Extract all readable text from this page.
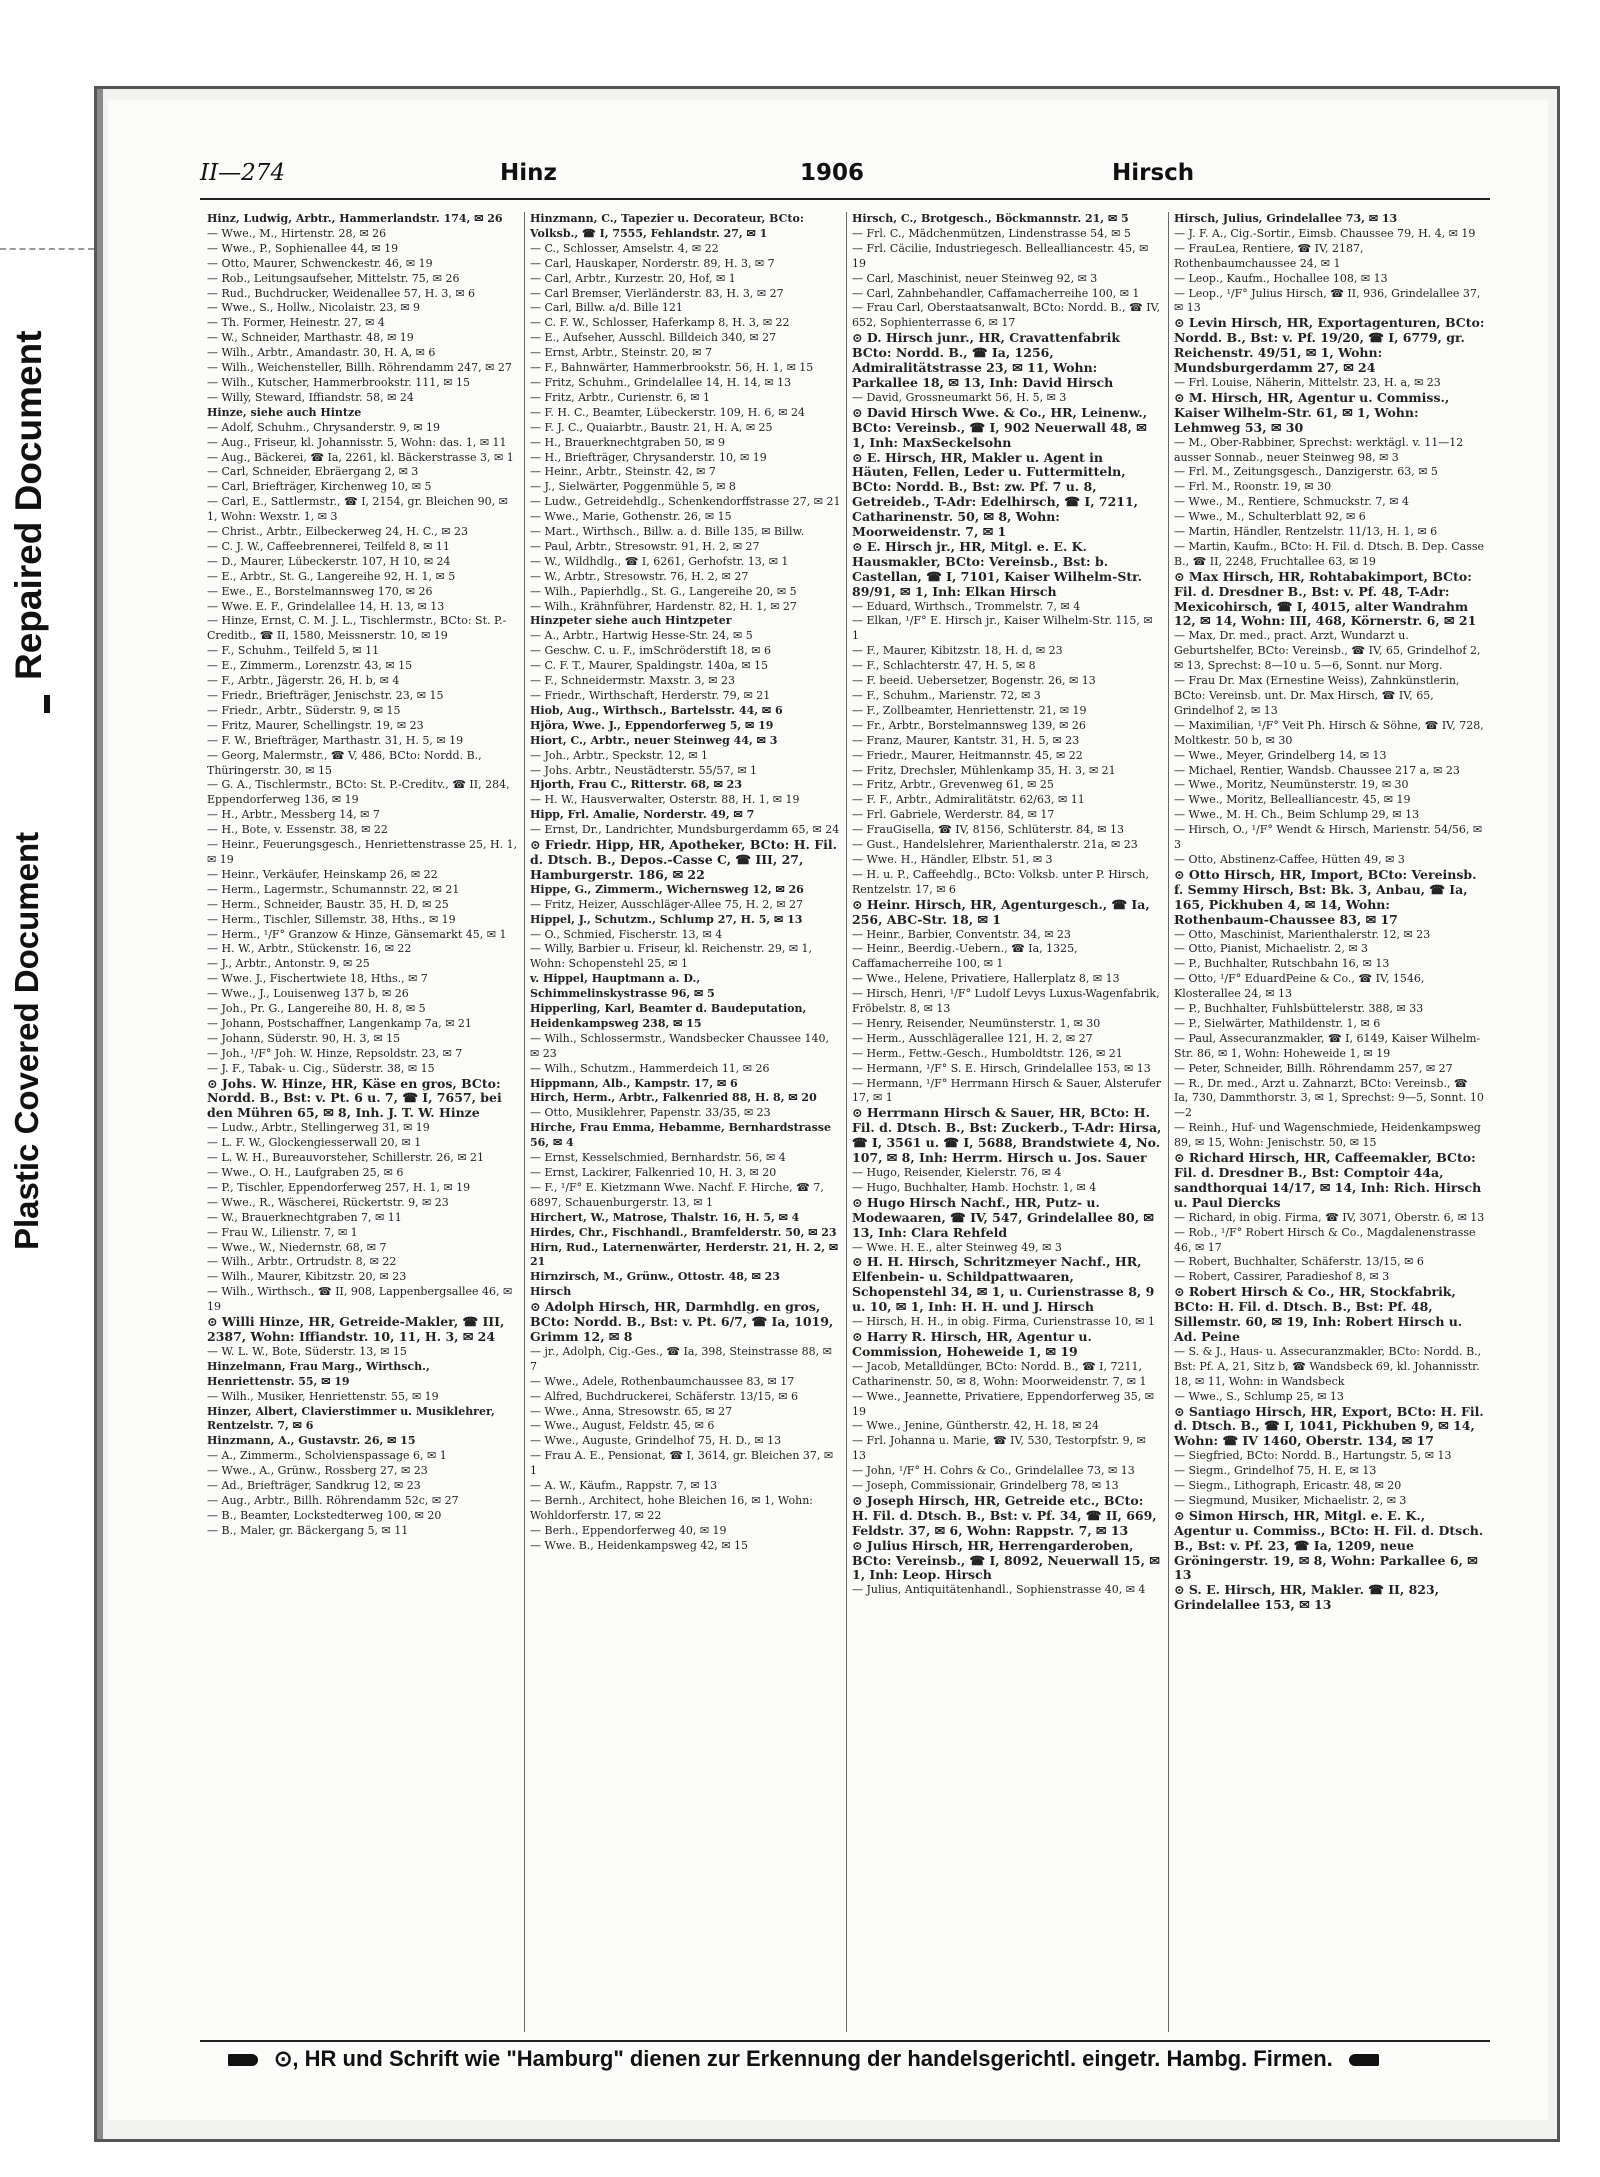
Repaired Document
Plastic Covered Document
II—274	Hinz	1906	Hirsch

Hinz, Ludwig, Arbtr., Hammerlandstr. 174, ✉ 26

— Wwe., M., Hirtenstr. 28, ✉ 26

— Wwe., P., Sophienallee 44, ✉ 19

— Otto, Maurer, Schwenckestr. 46, ✉ 19

— Rob., Leitungsaufseher, Mittelstr. 75, ✉ 26

— Rud., Buchdrucker, Weidenallee 57, H. 3, ✉ 6

— Wwe., S., Hollw., Nicolaistr. 23, ✉ 9

— Th. Former, Heinestr. 27, ✉ 4

— W., Schneider, Marthastr. 48, ✉ 19

— Wilh., Arbtr., Amandastr. 30, H. A, ✉ 6

— Wilh., Weichensteller, Billh. Röhrendamm 247, ✉ 27

— Wilh., Kutscher, Hammerbrookstr. 111, ✉ 15

— Willy, Steward, Iffiandstr. 58, ✉ 24

Hinze, siehe auch Hintze

— Adolf, Schuhm., Chrysanderstr. 9, ✉ 19

— Aug., Friseur, kl. Johannisstr. 5, Wohn: das. 1, ✉ 11

— Aug., Bäckerei, ☎ Ia, 2261, kl. Bäckerstrasse 3, ✉ 1

— Carl, Schneider, Ebräergang 2, ✉ 3

— Carl, Briefträger, Kirchenweg 10, ✉ 5

— Carl, E., Sattlermstr., ☎ I, 2154, gr. Bleichen 90, ✉ 1, Wohn: Wexstr. 1, ✉ 3

— Christ., Arbtr., Eilbeckerweg 24, H. C., ✉ 23

— C. J. W., Caffeebrennerei, Teilfeld 8, ✉ 11

— D., Maurer, Lübeckerstr. 107, H 10, ✉ 24

— E., Arbtr., St. G., Langereihe 92, H. 1, ✉ 5

— Ewe., E., Borstelmannsweg 170, ✉ 26

— Wwe. E. F., Grindelallee 14, H. 13, ✉ 13

— Hinze, Ernst, C. M. J. L., Tischlermstr., BCto: St. P.-Creditb., ☎ II, 1580, Meissnerstr. 10, ✉ 19

— F., Schuhm., Teilfeld 5, ✉ 11

— E., Zimmerm., Lorenzstr. 43, ✉ 15

— F., Arbtr., Jägerstr. 26, H. b, ✉ 4

— Friedr., Briefträger, Jenischstr. 23, ✉ 15

— Friedr., Arbtr., Süderstr. 9, ✉ 15

— Fritz, Maurer, Schellingstr. 19, ✉ 23

— F. W., Briefträger, Marthastr. 31, H. 5, ✉ 19

— Georg, Malermstr., ☎ V, 486, BCto: Nordd. B., Thüringerstr. 30, ✉ 15

— G. A., Tischlermstr., BCto: St. P.-Creditv., ☎ II, 284, Eppendorferweg 136, ✉ 19

— H., Arbtr., Messberg 14, ✉ 7

— H., Bote, v. Essenstr. 38, ✉ 22

— Heinr., Feuerungsgesch., Henriettenstrasse 25, H. 1, ✉ 19

— Heinr., Verkäufer, Heinskamp 26, ✉ 22

— Herm., Lagermstr., Schumannstr. 22, ✉ 21

— Herm., Schneider, Baustr. 35, H. D, ✉ 25

— Herm., Tischler, Sillemstr. 38, Hths., ✉ 19

— Herm., ¹/F° Granzow & Hinze, Gänsemarkt 45, ✉ 1

— H. W., Arbtr., Stückenstr. 16, ✉ 22

— J., Arbtr., Antonstr. 9, ✉ 25

— Wwe. J., Fischertwiete 18, Hths., ✉ 7

— Wwe., J., Louisenweg 137 b, ✉ 26

— Joh., Pr. G., Langereihe 80, H. 8, ✉ 5

— Johann, Postschaffner, Langenkamp 7a, ✉ 21

— Johann, Süderstr. 90, H. 3, ✉ 15

— Joh., ¹/F° Joh. W. Hinze, Repsoldstr. 23, ✉ 7

— J. F., Tabak- u. Cig., Süderstr. 38, ✉ 15

⊙ Johs. W. Hinze, HR, Käse en gros, BCto: Nordd. B., Bst: v. Pt. 6 u. 7, ☎ I, 7657, bei den Mühren 65, ✉ 8, Inh. J. T. W. Hinze

— Ludw., Arbtr., Stellingerweg 31, ✉ 19

— L. F. W., Glockengiesserwall 20, ✉ 1

— L. W. H., Bureauvorsteher, Schillerstr. 26, ✉ 21

— Wwe., O. H., Laufgraben 25, ✉ 6

— P., Tischler, Eppendorferweg 257, H. 1, ✉ 19

— Wwe., R., Wäscherei, Rückertstr. 9, ✉ 23

— W., Brauerknechtgraben 7, ✉ 11

— Frau W., Lilienstr. 7, ✉ 1

— Wwe., W., Niedernstr. 68, ✉ 7

— Wilh., Arbtr., Ortrudstr. 8, ✉ 22

— Wilh., Maurer, Kibitzstr. 20, ✉ 23

— Wilh., Wirthsch., ☎ II, 908, Lappenbergsallee 46, ✉ 19

⊙ Willi Hinze, HR, Getreide-Makler, ☎ III, 2387, Wohn: Iffiandstr. 10, 11, H. 3, ✉ 24

— W. L. W., Bote, Süderstr. 13, ✉ 15

Hinzelmann, Frau Marg., Wirthsch., Henriettenstr. 55, ✉ 19

— Wilh., Musiker, Henriettenstr. 55, ✉ 19

Hinzer, Albert, Clavierstimmer u. Musiklehrer, Rentzelstr. 7, ✉ 6

Hinzmann, A., Gustavstr. 26, ✉ 15

— A., Zimmerm., Scholvienspassage 6, ✉ 1

— Wwe., A., Grünw., Rossberg 27, ✉ 23

— Ad., Briefträger, Sandkrug 12, ✉ 23

— Aug., Arbtr., Billh. Röhrendamm 52c, ✉ 27

— B., Beamter, Lockstedterweg 100, ✉ 20

— B., Maler, gr. Bäckergang 5, ✉ 11

Hinzmann, C., Tapezier u. Decorateur, BCto: Volksb., ☎ I, 7555, Fehlandstr. 27, ✉ 1

— C., Schlosser, Amselstr. 4, ✉ 22

— Carl, Hauskaper, Norderstr. 89, H. 3, ✉ 7

— Carl, Arbtr., Kurzestr. 20, Hof, ✉ 1

— Carl Bremser, Vierländerstr. 83, H. 3, ✉ 27

— Carl, Billw. a/d. Bille 121

— C. F. W., Schlosser, Haferkamp 8, H. 3, ✉ 22

— E., Aufseher, Ausschl. Billdeich 340, ✉ 27

— Ernst, Arbtr., Steinstr. 20, ✉ 7

— F., Bahnwärter, Hammerbrookstr. 56, H. 1, ✉ 15

— Fritz, Schuhm., Grindelallee 14, H. 14, ✉ 13

— Fritz, Arbtr., Curienstr. 6, ✉ 1

— F. H. C., Beamter, Lübeckerstr. 109, H. 6, ✉ 24

— F. J. C., Quaiarbtr., Baustr. 21, H. A, ✉ 25

— H., Brauerknechtgraben 50, ✉ 9

— H., Briefträger, Chrysanderstr. 10, ✉ 19

— Heinr., Arbtr., Steinstr. 42, ✉ 7

— J., Sielwärter, Poggenmühle 5, ✉ 8

— Ludw., Getreidehdlg., Schenkendorffstrasse 27, ✉ 21

— Wwe., Marie, Gothenstr. 26, ✉ 15

— Mart., Wirthsch., Billw. a. d. Bille 135, ✉ Billw.

— Paul, Arbtr., Stresowstr. 91, H. 2, ✉ 27

— W., Wildhdlg., ☎ I, 6261, Gerhofstr. 13, ✉ 1

— W., Arbtr., Stresowstr. 76, H. 2, ✉ 27

— Wilh., Papierhdlg., St. G., Langereihe 20, ✉ 5

— Wilh., Krähnführer, Hardenstr. 82, H. 1, ✉ 27

Hinzpeter siehe auch Hintzpeter

— A., Arbtr., Hartwig Hesse-Str. 24, ✉ 5

— Geschw. C. u. F., imSchröderstift 18, ✉ 6

— C. F. T., Maurer, Spaldingstr. 140a, ✉ 15

— F., Schneidermstr. Maxstr. 3, ✉ 23

— Friedr., Wirthschaft, Herderstr. 79, ✉ 21

Hiob, Aug., Wirthsch., Bartelsstr. 44, ✉ 6

Hjöra, Wwe. J., Eppendorferweg 5, ✉ 19

Hiort, C., Arbtr., neuer Steinweg 44, ✉ 3

— Joh., Arbtr., Speckstr. 12, ✉ 1

— Johs. Arbtr., Neustädterstr. 55/57, ✉ 1

Hjorth, Frau C., Ritterstr. 68, ✉ 23

— H. W., Hausverwalter, Osterstr. 88, H. 1, ✉ 19

Hipp, Frl. Amalie, Norderstr. 49, ✉ 7

— Ernst, Dr., Landrichter, Mundsburgerdamm 65, ✉ 24

⊙ Friedr. Hipp, HR, Apotheker, BCto: H. Fil. d. Dtsch. B., Depos.-Casse C, ☎ III, 27, Hamburgerstr. 186, ✉ 22

Hippe, G., Zimmerm., Wichernsweg 12, ✉ 26

— Fritz, Heizer, Ausschläger-Allee 75, H. 2, ✉ 27

Hippel, J., Schutzm., Schlump 27, H. 5, ✉ 13

— O., Schmied, Fischerstr. 13, ✉ 4

— Willy, Barbier u. Friseur, kl. Reichenstr. 29, ✉ 1, Wohn: Schopenstehl 25, ✉ 1

v. Hippel, Hauptmann a. D., Schimmelinskystrasse 96, ✉ 5

Hipperling, Karl, Beamter d. Baudeputation, Heidenkampsweg 238, ✉ 15

— Wilh., Schlossermstr., Wandsbecker Chaussee 140, ✉ 23

— Wilh., Schutzm., Hammerdeich 11, ✉ 26

Hippmann, Alb., Kampstr. 17, ✉ 6

Hirch, Herm., Arbtr., Falkenried 88, H. 8, ✉ 20

— Otto, Musiklehrer, Papenstr. 33/35, ✉ 23

Hirche, Frau Emma, Hebamme, Bernhardstrasse 56, ✉ 4

— Ernst, Kesselschmied, Bernhardstr. 56, ✉ 4

— Ernst, Lackirer, Falkenried 10, H. 3, ✉ 20

— F., ¹/F° E. Kietzmann Wwe. Nachf. F. Hirche, ☎ 7, 6897, Schauenburgerstr. 13, ✉ 1

Hirchert, W., Matrose, Thalstr. 16, H. 5, ✉ 4

Hirdes, Chr., Fischhandl., Bramfelderstr. 50, ✉ 23

Hirn, Rud., Laternenwärter, Herderstr. 21, H. 2, ✉ 21

Hirnzirsch, M., Grünw., Ottostr. 48, ✉ 23

Hirsch

⊙ Adolph Hirsch, HR, Darmhdlg. en gros, BCto: Nordd. B., Bst: v. Pt. 6/7, ☎ Ia, 1019, Grimm 12, ✉ 8

— jr., Adolph, Cig.-Ges., ☎ Ia, 398, Steinstrasse 88, ✉ 7

— Wwe., Adele, Rothenbaumchaussee 83, ✉ 17

— Alfred, Buchdruckerei, Schäferstr. 13/15, ✉ 6

— Wwe., Anna, Stresowstr. 65, ✉ 27

— Wwe., August, Feldstr. 45, ✉ 6

— Wwe., Auguste, Grindelhof 75, H. D., ✉ 13

— Frau A. E., Pensionat, ☎ I, 3614, gr. Bleichen 37, ✉ 1

— A. W., Käufm., Rappstr. 7, ✉ 13

— Bernh., Architect, hohe Bleichen 16, ✉ 1, Wohn: Wohldorferstr. 17, ✉ 22

— Berh., Eppendorferweg 40, ✉ 19

— Wwe. B., Heidenkampsweg 42, ✉ 15

Hirsch, C., Brotgesch., Böckmannstr. 21, ✉ 5

— Frl. C., Mädchenmützen, Lindenstrasse 54, ✉ 5

— Frl. Cäcilie, Industriegesch. Bellealliancestr. 45, ✉ 19

— Carl, Maschinist, neuer Steinweg 92, ✉ 3

— Carl, Zahnbehandler, Caffamacherreihe 100, ✉ 1

— Frau Carl, Oberstaatsanwalt, BCto: Nordd. B., ☎ IV, 652, Sophienterrasse 6, ✉ 17

⊙ D. Hirsch junr., HR, Cravattenfabrik BCto: Nordd. B., ☎ Ia, 1256, Admiralitätstrasse 23, ✉ 11, Wohn: Parkallee 18, ✉ 13, Inh: David Hirsch

— David, Grossneumarkt 56, H. 5, ✉ 3

⊙ David Hirsch Wwe. & Co., HR, Leinenw., BCto: Vereinsb., ☎ I, 902 Neuerwall 48, ✉ 1, Inh: MaxSeckelsohn

⊙ E. Hirsch, HR, Makler u. Agent in Häuten, Fellen, Leder u. Futtermitteln, BCto: Nordd. B., Bst: zw. Pf. 7 u. 8, Getreideb., T-Adr: Edelhirsch, ☎ I, 7211, Catharinenstr. 50, ✉ 8, Wohn: Moorweidenstr. 7, ✉ 1

⊙ E. Hirsch jr., HR, Mitgl. e. E. K. Hausmakler, BCto: Vereinsb., Bst: b. Castellan, ☎ I, 7101, Kaiser Wilhelm-Str. 89/91, ✉ 1, Inh: Elkan Hirsch

— Eduard, Wirthsch., Trommelstr. 7, ✉ 4

— Elkan, ¹/F° E. Hirsch jr., Kaiser Wilhelm-Str. 115, ✉ 1

— F., Maurer, Kibitzstr. 18, H. d, ✉ 23

— F., Schlachterstr. 47, H. 5, ✉ 8

— F. beeid. Uebersetzer, Bogenstr. 26, ✉ 13

— F., Schuhm., Marienstr. 72, ✉ 3

— F., Zollbeamter, Henriettenstr. 21, ✉ 19

— Fr., Arbtr., Borstelmannsweg 139, ✉ 26

— Franz, Maurer, Kantstr. 31, H. 5, ✉ 23

— Friedr., Maurer, Heitmannstr. 45, ✉ 22

— Fritz, Drechsler, Mühlenkamp 35, H. 3, ✉ 21

— Fritz, Arbtr., Grevenweg 61, ✉ 25

— F. F., Arbtr., Admiralitätstr. 62/63, ✉ 11

— Frl. Gabriele, Werderstr. 84, ✉ 17

— FrauGisella, ☎ IV, 8156, Schlüterstr. 84, ✉ 13

— Gust., Handelslehrer, Marienthalerstr. 21a, ✉ 23

— Wwe. H., Händler, Elbstr. 51, ✉ 3

— H. u. P., Caffeehdlg., BCto: Volksb. unter P. Hirsch, Rentzelstr. 17, ✉ 6

⊙ Heinr. Hirsch, HR, Agenturgesch., ☎ Ia, 256, ABC-Str. 18, ✉ 1

— Heinr., Barbier, Conventstr. 34, ✉ 23

— Heinr., Beerdig.-Uebern., ☎ Ia, 1325, Caffamacherreihe 100, ✉ 1

— Wwe., Helene, Privatiere, Hallerplatz 8, ✉ 13

— Hirsch, Henri, ¹/F° Ludolf Levys Luxus-Wagenfabrik, Fröbelstr. 8, ✉ 13

— Henry, Reisender, Neumünsterstr. 1, ✉ 30

— Herm., Ausschlägerallee 121, H. 2, ✉ 27

— Herm., Fettw.-Gesch., Humboldtstr. 126, ✉ 21

— Hermann, ¹/F° S. E. Hirsch, Grindelallee 153, ✉ 13

— Hermann, ¹/F° Herrmann Hirsch & Sauer, Alsterufer 17, ✉ 1

⊙ Herrmann Hirsch & Sauer, HR, BCto: H. Fil. d. Dtsch. B., Bst: Zuckerb., T-Adr: Hirsa, ☎ I, 3561 u. ☎ I, 5688, Brandstwiete 4, No. 107, ✉ 8, Inh: Herrm. Hirsch u. Jos. Sauer

— Hugo, Reisender, Kielerstr. 76, ✉ 4

— Hugo, Buchhalter, Hamb. Hochstr. 1, ✉ 4

⊙ Hugo Hirsch Nachf., HR, Putz- u. Modewaaren, ☎ IV, 547, Grindelallee 80, ✉ 13, Inh: Clara Rehfeld

— Wwe. H. E., alter Steinweg 49, ✉ 3

⊙ H. H. Hirsch, Schritzmeyer Nachf., HR, Elfenbein- u. Schildpattwaaren, Schopenstehl 34, ✉ 1, u. Curienstrasse 8, 9 u. 10, ✉ 1, Inh: H. H. und J. Hirsch

— Hirsch, H. H., in obig. Firma, Curienstrasse 10, ✉ 1

⊙ Harry R. Hirsch, HR, Agentur u. Commission, Hoheweide 1, ✉ 19

— Jacob, Metalldünger, BCto: Nordd. B., ☎ I, 7211, Catharinenstr. 50, ✉ 8, Wohn: Moorweidenstr. 7, ✉ 1

— Wwe., Jeannette, Privatiere, Eppendorferweg 35, ✉ 19

— Wwe., Jenine, Güntherstr. 42, H. 18, ✉ 24

— Frl. Johanna u. Marie, ☎ IV, 530, Testorpfstr. 9, ✉ 13

— John, ¹/F° H. Cohrs & Co., Grindelallee 73, ✉ 13

— Joseph, Commissionair, Grindelberg 78, ✉ 13

⊙ Joseph Hirsch, HR, Getreide etc., BCto: H. Fil. d. Dtsch. B., Bst: v. Pf. 34, ☎ II, 669, Feldstr. 37, ✉ 6, Wohn: Rappstr. 7, ✉ 13

⊙ Julius Hirsch, HR, Herrengarderoben, BCto: Vereinsb., ☎ I, 8092, Neuerwall 15, ✉ 1, Inh: Leop. Hirsch

— Julius, Antiquitätenhandl., Sophienstrasse 40, ✉ 4

Hirsch, Julius, Grindelallee 73, ✉ 13

— J. F. A., Cig.-Sortir., Eimsb. Chaussee 79, H. 4, ✉ 19

— FrauLea, Rentiere, ☎ IV, 2187, Rothenbaumchaussee 24, ✉ 1

— Leop., Kaufm., Hochallee 108, ✉ 13

— Leop., ¹/F° Julius Hirsch, ☎ II, 936, Grindelallee 37, ✉ 13

⊙ Levin Hirsch, HR, Exportagenturen, BCto: Nordd. B., Bst: v. Pf. 19/20, ☎ I, 6779, gr. Reichenstr. 49/51, ✉ 1, Wohn: Mundsburgerdamm 27, ✉ 24

— Frl. Louise, Näherin, Mittelstr. 23, H. a, ✉ 23

⊙ M. Hirsch, HR, Agentur u. Commiss., Kaiser Wilhelm-Str. 61, ✉ 1, Wohn: Lehmweg 53, ✉ 30

— M., Ober-Rabbiner, Sprechst: werktägl. v. 11—12 ausser Sonnab., neuer Steinweg 98, ✉ 3

— Frl. M., Zeitungsgesch., Danzigerstr. 63, ✉ 5

— Frl. M., Roonstr. 19, ✉ 30

— Wwe., M., Rentiere, Schmuckstr. 7, ✉ 4

— Wwe., M., Schulterblatt 92, ✉ 6

— Martin, Händler, Rentzelstr. 11/13, H. 1, ✉ 6

— Martin, Kaufm., BCto: H. Fil. d. Dtsch. B. Dep. Casse B., ☎ II, 2248, Fruchtallee 63, ✉ 19

⊙ Max Hirsch, HR, Rohtabakimport, BCto: Fil. d. Dresdner B., Bst: v. Pf. 48, T-Adr: Mexicohirsch, ☎ I, 4015, alter Wandrahm 12, ✉ 14, Wohn: III, 468, Körnerstr. 6, ✉ 21

— Max, Dr. med., pract. Arzt, Wundarzt u. Geburtshelfer, BCto: Vereinsb., ☎ IV, 65, Grindelhof 2, ✉ 13, Sprechst: 8—10 u. 5—6, Sonnt. nur Morg.

— Frau Dr. Max (Ernestine Weiss), Zahnkünstlerin, BCto: Vereinsb. unt. Dr. Max Hirsch, ☎ IV, 65, Grindelhof 2, ✉ 13

— Maximilian, ¹/F° Veit Ph. Hirsch & Söhne, ☎ IV, 728, Moltkestr. 50 b, ✉ 30

— Wwe., Meyer, Grindelberg 14, ✉ 13

— Michael, Rentier, Wandsb. Chaussee 217 a, ✉ 23

— Wwe., Moritz, Neumünsterstr. 19, ✉ 30

— Wwe., Moritz, Bellealliancestr. 45, ✉ 19

— Wwe., M. H. Ch., Beim Schlump 29, ✉ 13

— Hirsch, O., ¹/F° Wendt & Hirsch, Marienstr. 54/56, ✉ 3

— Otto, Abstinenz-Caffee, Hütten 49, ✉ 3

⊙ Otto Hirsch, HR, Import, BCto: Vereinsb. f. Semmy Hirsch, Bst: Bk. 3, Anbau, ☎ Ia, 165, Pickhuben 4, ✉ 14, Wohn: Rothenbaum-Chaussee 83, ✉ 17

— Otto, Maschinist, Marienthalerstr. 12, ✉ 23

— Otto, Pianist, Michaelistr. 2, ✉ 3

— P., Buchhalter, Rutschbahn 16, ✉ 13

— Otto, ¹/F° EduardPeine & Co., ☎ IV, 1546, Klosterallee 24, ✉ 13

— P., Buchhalter, Fuhlsbüttelerstr. 388, ✉ 33

— P., Sielwärter, Mathildenstr. 1, ✉ 6

— Paul, Assecuranzmakler, ☎ I, 6149, Kaiser Wilhelm-Str. 86, ✉ 1, Wohn: Hoheweide 1, ✉ 19

— Peter, Schneider, Billh. Röhrendamm 257, ✉ 27

— R., Dr. med., Arzt u. Zahnarzt, BCto: Vereinsb., ☎ Ia, 730, Dammthorstr. 3, ✉ 1, Sprechst: 9—5, Sonnt. 10—2

— Reinh., Huf- und Wagenschmiede, Heidenkampsweg 89, ✉ 15, Wohn: Jenischstr. 50, ✉ 15

⊙ Richard Hirsch, HR, Caffeemakler, BCto: Fil. d. Dresdner B., Bst: Comptoir 44a, sandthorquai 14/17, ✉ 14, Inh: Rich. Hirsch u. Paul Diercks

— Richard, in obig. Firma, ☎ IV, 3071, Oberstr. 6, ✉ 13

— Rob., ¹/F° Robert Hirsch & Co., Magdalenenstrasse 46, ✉ 17

— Robert, Buchhalter, Schäferstr. 13/15, ✉ 6

— Robert, Cassirer, Paradieshof 8, ✉ 3

⊙ Robert Hirsch & Co., HR, Stockfabrik, BCto: H. Fil. d. Dtsch. B., Bst: Pf. 48, Sillemstr. 60, ✉ 19, Inh: Robert Hirsch u. Ad. Peine

— S. & J., Haus- u. Assecuranzmakler, BCto: Nordd. B., Bst: Pf. A, 21, Sitz b, ☎ Wandsbeck 69, kl. Johannisstr. 18, ✉ 11, Wohn: in Wandsbeck

— Wwe., S., Schlump 25, ✉ 13

⊙ Santiago Hirsch, HR, Export, BCto: H. Fil. d. Dtsch. B., ☎ I, 1041, Pickhuben 9, ✉ 14, Wohn: ☎ IV 1460, Oberstr. 134, ✉ 17

— Siegfried, BCto: Nordd. B., Hartungstr. 5, ✉ 13

— Siegm., Grindelhof 75, H. E, ✉ 13

— Siegm., Lithograph, Ericastr. 48, ✉ 20

— Siegmund, Musiker, Michaelistr. 2, ✉ 3

⊙ Simon Hirsch, HR, Mitgl. e. E. K., Agentur u. Commiss., BCto: H. Fil. d. Dtsch. B., Bst: v. Pf. 23, ☎ Ia, 1209, neue Gröningerstr. 19, ✉ 8, Wohn: Parkallee 6, ✉ 13

⊙ S. E. Hirsch, HR, Makler. ☎ II, 823, Grindelallee 153, ✉ 13

⊙, HR und Schrift wie "Hamburg" dienen zur Erkennung der handelsgerichtl. eingetr. Hambg. Firmen.
